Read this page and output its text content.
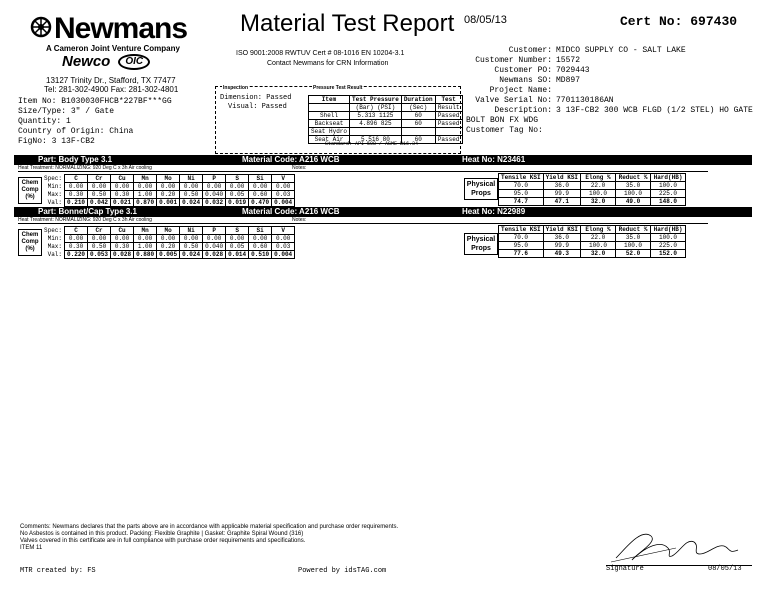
Newmans
A Cameron Joint Venture Company
Newco	OIC
13127 Trinity Dr., Stafford, TX 77477
Tel: 281-302-4900 Fax: 281-302-4801
Material Test Report 08/05/13	Cert No: 697430
ISO 9001:2008 RWTUV Cert # 08-1016 EN 10204-3.1
Contact Newmans for CRN Information
Item No: B1030030FHCB*227BF***GG
Size/Type: 3" / Gate
Quantity: 1
Country of Origin: China
FigNo: 3 13F-CB2
Inspection
Dimension: Passed
Visual: Passed
Pressure Test Result
Item	Test Pressure	Duration	Test
	(Bar) (PSI)	(Sec)	Result
Shell	5.313 1125	60	Passed
Backseat	4.896 825	60	Passed
Seat Hydro			
Seat Air	5.516 80	60	Passed
Standard: API 598 / ASME B16.34
Customer: MIDCO SUPPLY CO - SALT LAKE
Customer Number: 15572
Customer PO: 7029443
Newmans SO: MD897
Project Name:
Valve Serial No: 7701130186AN
Description: 3 13F-CB2 300 WCB FLGD (1/2 STEL) HO GATE
BOLT BON FX WDG
Customer Tag No:
Part: Body Type 3.1	Material Code: A216 WCB	Heat No: N23461
Heat Treatment: NORMALIZING: 920 Deg C x 3h Air cooling	Notes:
Chem Comp (%)
Spec:	C	Cr	Cu	Mn	Mo	Ni	P	S	Si	V
Min:	0.00	0.00	0.00	0.00	0.00	0.00	0.00	0.00	0.00	0.00
Max:	0.30	0.50	0.30	1.00	0.20	0.50	0.040	0.05	0.60	0.03
Val:	0.210	0.042	0.021	0.870	0.001	0.024	0.032	0.019	0.470	0.004
Physical Props
Tensile KSI	Yield KSI	Elong %	Reduct %	Hard(HB)
70.0	36.0	22.0	35.0	100.0
95.0	99.9	100.0	100.0	225.0
74.7	47.1	32.0	49.0	148.0
Part: Bonnet/Cap Type 3.1	Material Code: A216 WCB	Heat No: N22989
Heat Treatment: NORMALIZING: 920 Deg C x 3h Air cooling	Notes:
Chem Comp (%)
Spec:	C	Cr	Cu	Mn	Mo	Ni	P	S	Si	V
Min:	0.00	0.00	0.00	0.00	0.00	0.00	0.00	0.00	0.00	0.00
Max:	0.30	0.50	0.30	1.00	0.20	0.50	0.040	0.05	0.60	0.03
Val:	0.220	0.053	0.028	0.880	0.005	0.024	0.028	0.014	0.510	0.004
Physical Props
Tensile KSI	Yield KSI	Elong %	Reduct %	Hard(HB)
70.0	36.0	22.0	35.0	100.0
95.0	99.9	100.0	100.0	225.0
77.6	49.3	32.0	52.0	152.0
Comments: Newmans declares that the parts above are in accordance with applicable material specification and purchase order requirements.
No Asbestos is contained in this product. Packing: Flexible Graphite | Gasket: Graphite Spiral Wound (316)
Valves covered in this certificate are in full compliance with purchase order requirements and specifications.
ITEM 11
MTR created by: FS	Powered by idsTAG.com	Signature	08/05/13
